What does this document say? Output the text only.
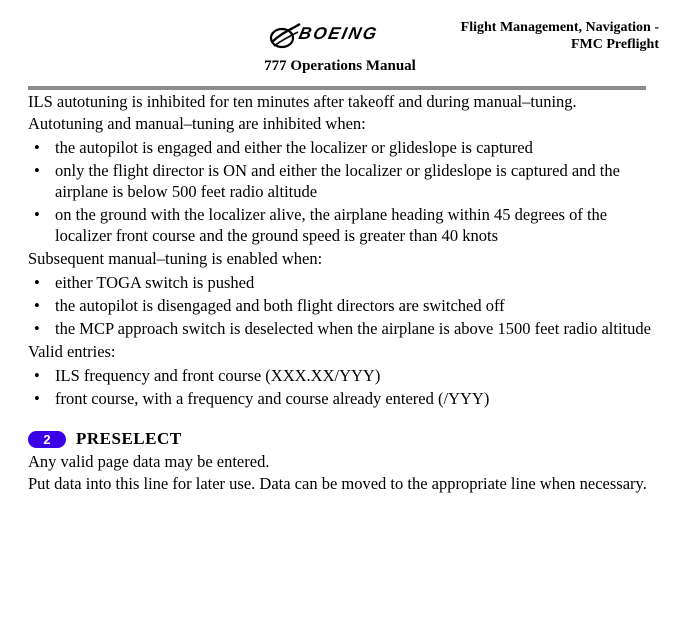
BOEING
777 Operations Manual
Flight Management, Navigation -
FMC Preflight

ILS autotuning is inhibited for ten minutes after takeoff and during manual–tuning. Autotuning and manual–tuning are inhibited when:

• the autopilot is engaged and either the localizer or glideslope is captured
• only the flight director is ON and either the localizer or glideslope is captured and the airplane is below 500 feet radio altitude
• on the ground with the localizer alive, the airplane heading within 45 degrees of the localizer front course and the ground speed is greater than 40 knots

Subsequent manual–tuning is enabled when:

• either TOGA switch is pushed
• the autopilot is disengaged and both flight directors are switched off
• the MCP approach switch is deselected when the airplane is above 1500 feet radio altitude

Valid entries:

• ILS frequency and front course (XXX.XX/YYY)
• front course, with a frequency and course already entered (/YYY)
2	PRESELECT

Any valid page data may be entered.

Put data into this line for later use. Data can be moved to the appropriate line when necessary.
